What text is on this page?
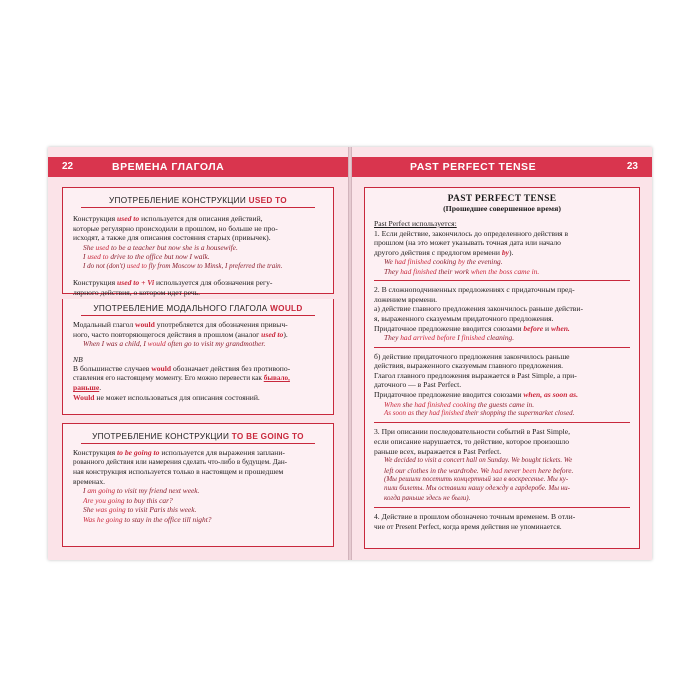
22	ВРЕМЕНА ГЛАГОЛА

УПОТРЕБЛЕНИЕ КОНСТРУКЦИИ USED TO

Конструкция used to используется для описания действий,

которые регулярно происходили в прошлом, но больше не про-

исходят, а также для описания состояния старых (привычек).

She used to be a teacher but now she is a housewife.

I used to drive to the office but now I walk.

I do not (don't) used to fly from Moscow to Minsk, I preferred the train.

Конструкция used to + Vi используется для обозначения регу-

лярного действия, о котором идет речь.

УПОТРЕБЛЕНИЕ МОДАЛЬНОГО ГЛАГОЛА WOULD

Модальный глагол would употребляется для обозначения привыч-

ного, часто повторяющегося действия в прошлом (аналог used to).

When I was a child, I would often go to visit my grandmother.

NB

В большинстве случаев would обозначает действия без противопо-

ставления его настоящему моменту. Его можно перевести как бывало,

раньше.

Would не может использоваться для описания состояний.

УПОТРЕБЛЕНИЕ КОНСТРУКЦИИ TO BE GOING TO

Конструкция to be going to используется для выражения заплани-

рованного действия или намерения сделать что-либо в будущем. Дан-

ная конструкция используется только в настоящем и прошедшем

временах.

I am going to visit my friend next week.

Are you going to buy this car?

She was going to visit Paris this week.

Was he going to stay in the office till night?

PAST PERFECT TENSE	23

PAST PERFECT TENSE

(Прошедшее совершенное время)

Past Perfect используется:

1. Если действие, закончилось до определенного действия в

прошлом (на это может указывать точная дата или начало

другого действия с предлогом времени by).

We had finished cooking by the evening.

They had finished their work when the boss came in.

2. В сложноподчиненных предложениях с придаточным пред-

ложением времени.

а) действие главного предложения закончилось раньше действи-

я, выраженного сказуемым придаточного предложения.

Придаточное предложение вводится союзами before и when.

They had arrived before I finished cleaning.

б) действие придаточного предложения закончилось раньше

действия, выраженного сказуемым главного предложения.

Глагол главного предложения выражается в Past Simple, а при-

даточного — в Past Perfect.

Придаточное предложение вводится союзами when, as soon as.

When she had finished cooking the guests came in.

As soon as they had finished their shopping the supermarket closed.

3. При описании последовательности событий в Past Simple,

если описание нарушается, то действие, которое произошло

раньше всех, выражается в Past Perfect.

We decided to visit a concert hall on Sunday. We bought tickets. We

left our clothes in the wardrobe. We had never been here before.

(Мы решили посетить концертный зал в воскресенье. Мы ку-

пили билеты. Мы оставили нашу одежду в гардеробе. Мы ни-

когда раньше здесь не были).

4. Действие в прошлом обозначено точным временем. В отли-

чие от Present Perfect, когда время действия не упоминается.
